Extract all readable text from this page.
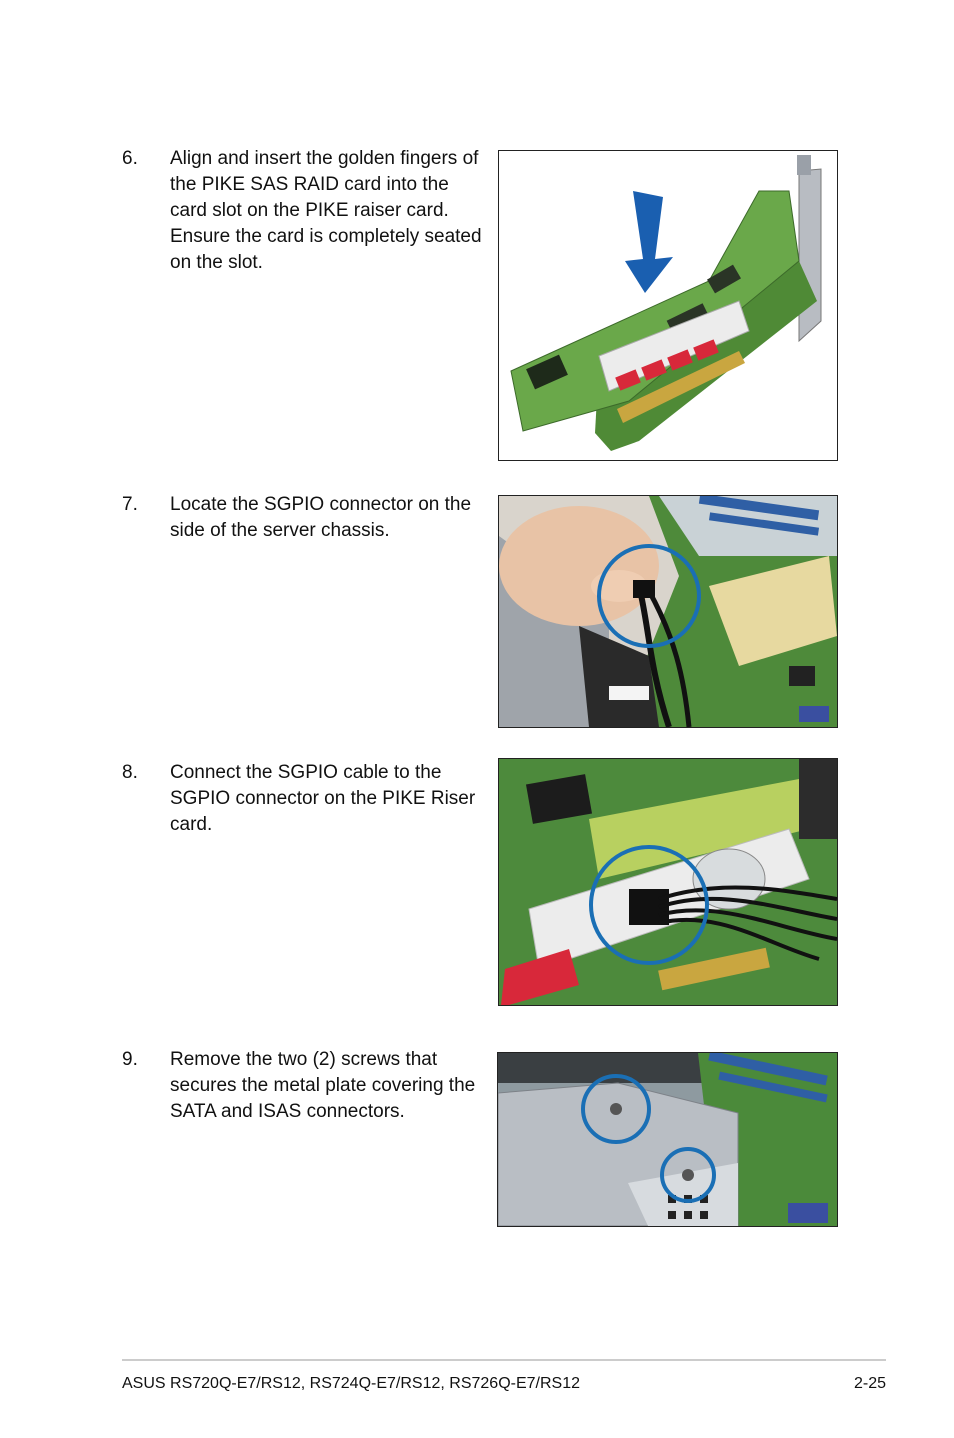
6. Align and insert the golden fingers of the PIKE SAS RAID card into the card slot on the PIKE raiser card. Ensure the card is completely seated on the slot.
7. Locate the SGPIO connector on the side of the server chassis.
8. Connect the SGPIO cable to the SGPIO connector on the PIKE Riser card.
9. Remove the two (2) screws that secures the metal plate covering the SATA and ISAS connectors.
ASUS RS720Q-E7/RS12, RS724Q-E7/RS12, RS726Q-E7/RS12	2-25
